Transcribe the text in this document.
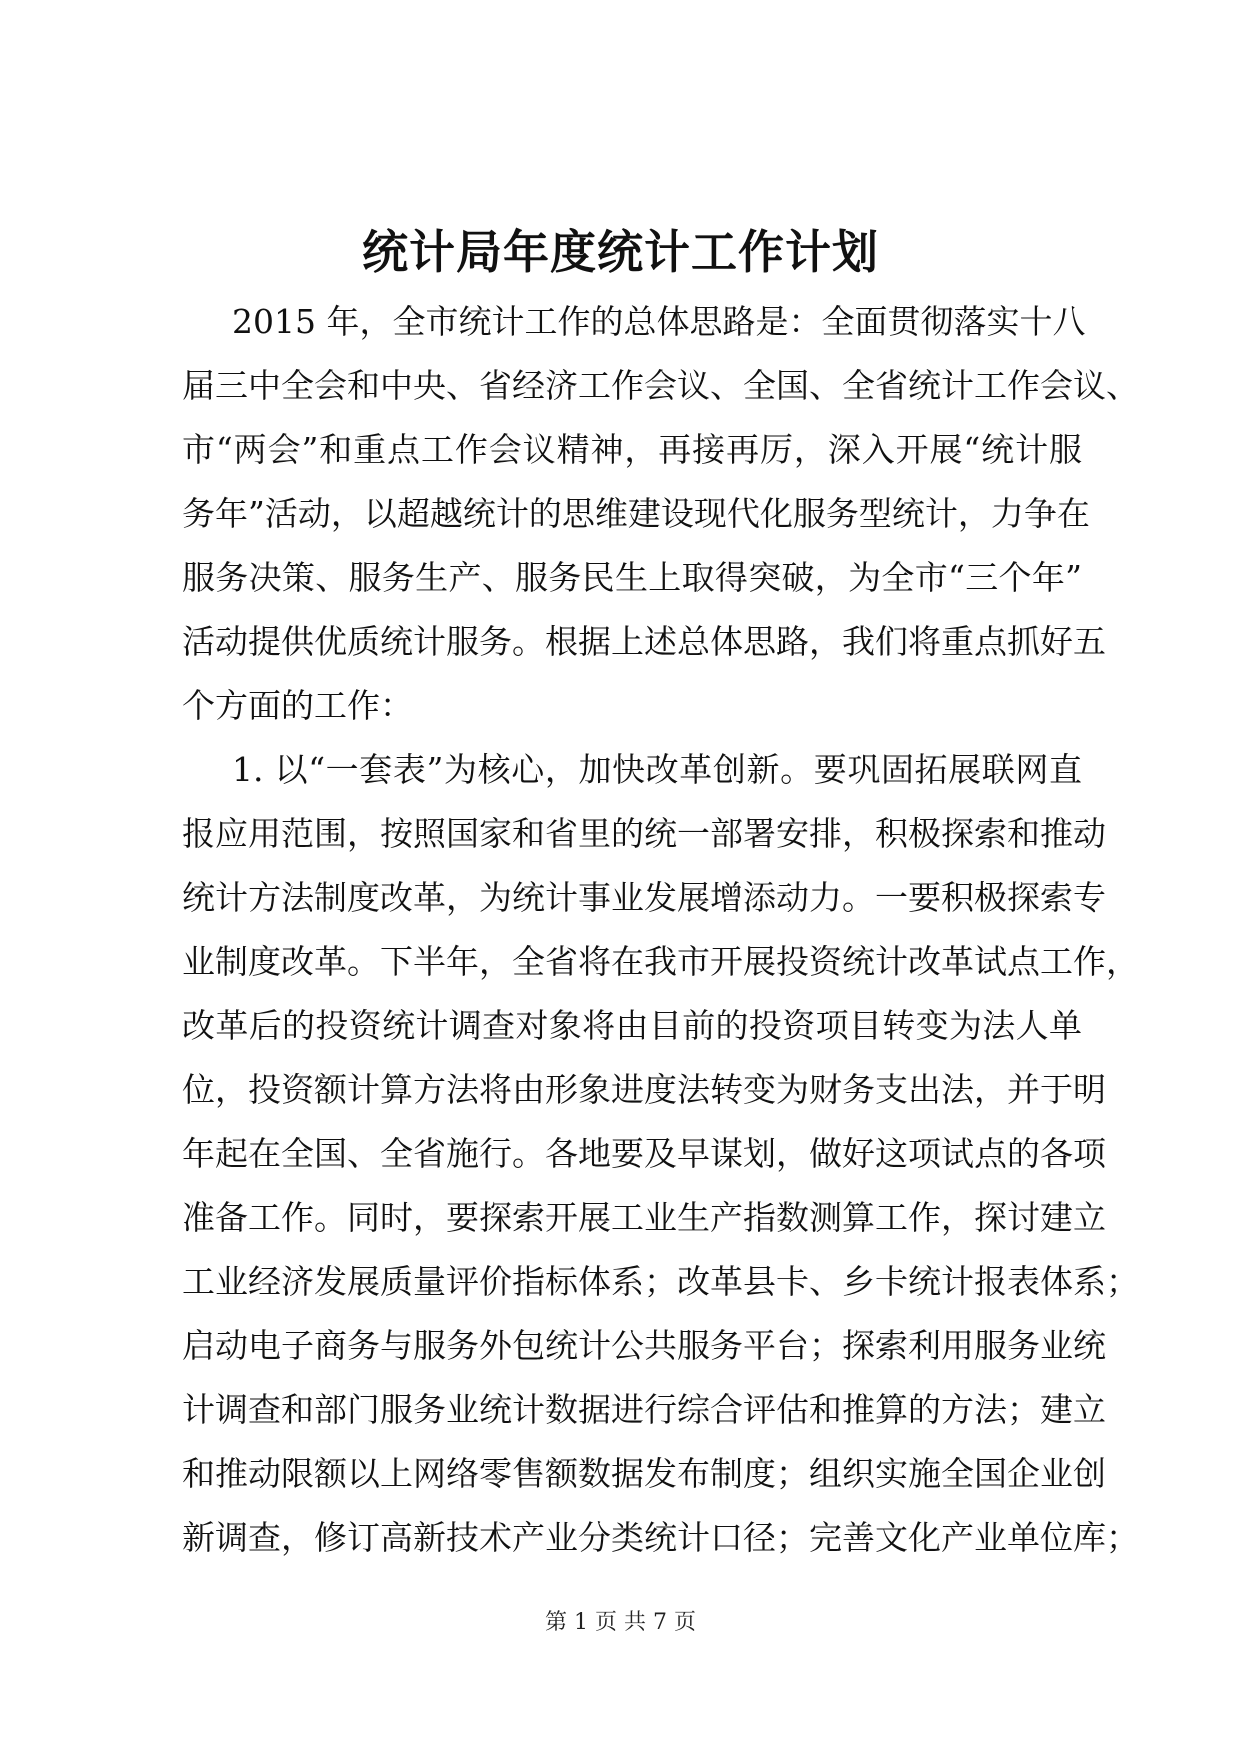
统计局年度统计工作计划
2015 年，全市统计工作的总体思路是：全面贯彻落实十八
届三中全会和中央、省经济工作会议、全国、全省统计工作会议、
市“两会”和重点工作会议精神，再接再厉，深入开展“统计服
务年”活动，以超越统计的思维建设现代化服务型统计，力争在
服务决策、服务生产、服务民生上取得突破，为全市“三个年”
活动提供优质统计服务。根据上述总体思路，我们将重点抓好五
个方面的工作：
1. 以“一套表”为核心，加快改革创新。要巩固拓展联网直
报应用范围，按照国家和省里的统一部署安排，积极探索和推动
统计方法制度改革，为统计事业发展增添动力。一要积极探索专
业制度改革。下半年，全省将在我市开展投资统计改革试点工作，
改革后的投资统计调查对象将由目前的投资项目转变为法人单
位，投资额计算方法将由形象进度法转变为财务支出法，并于明
年起在全国、全省施行。各地要及早谋划，做好这项试点的各项
准备工作。同时，要探索开展工业生产指数测算工作，探讨建立
工业经济发展质量评价指标体系；改革县卡、乡卡统计报表体系；
启动电子商务与服务外包统计公共服务平台；探索利用服务业统
计调查和部门服务业统计数据进行综合评估和推算的方法；建立
和推动限额以上网络零售额数据发布制度；组织实施全国企业创
新调查，修订高新技术产业分类统计口径；完善文化产业单位库；
第 1 页 共 7 页
